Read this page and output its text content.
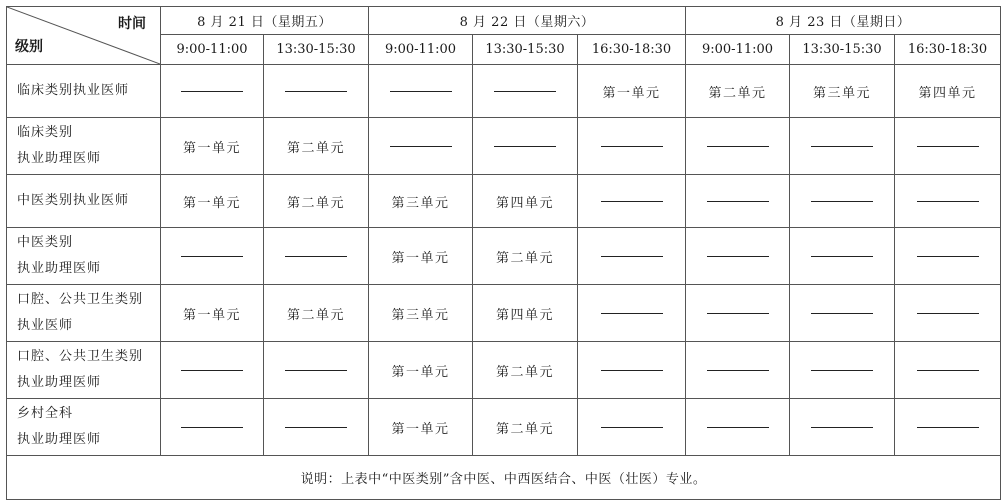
时间
级别	8 月 21 日（星期五）		8 月 22 日（星期六）			8 月 23 日（星期日）		
	9:00-11:00	13:30-15:30	9:00-11:00	13:30-15:30	16:30-18:30	9:00-11:00	13:30-15:30	16:30-18:30

临床类别执业医师					第一单元	第二单元	第三单元	第四单元

临床类别
执业助理医师	第一单元	第二单元						

中医类别执业医师	第一单元	第二单元	第三单元	第四单元				

中医类别
执业助理医师			第一单元	第二单元				

口腔、公共卫生类别
执业医师	第一单元	第二单元	第三单元	第四单元				

口腔、公共卫生类别
执业助理医师			第一单元	第二单元				

乡村全科
执业助理医师			第一单元	第二单元				
说明：上表中“中医类别”含中医、中西医结合、中医（壮医）专业。								
